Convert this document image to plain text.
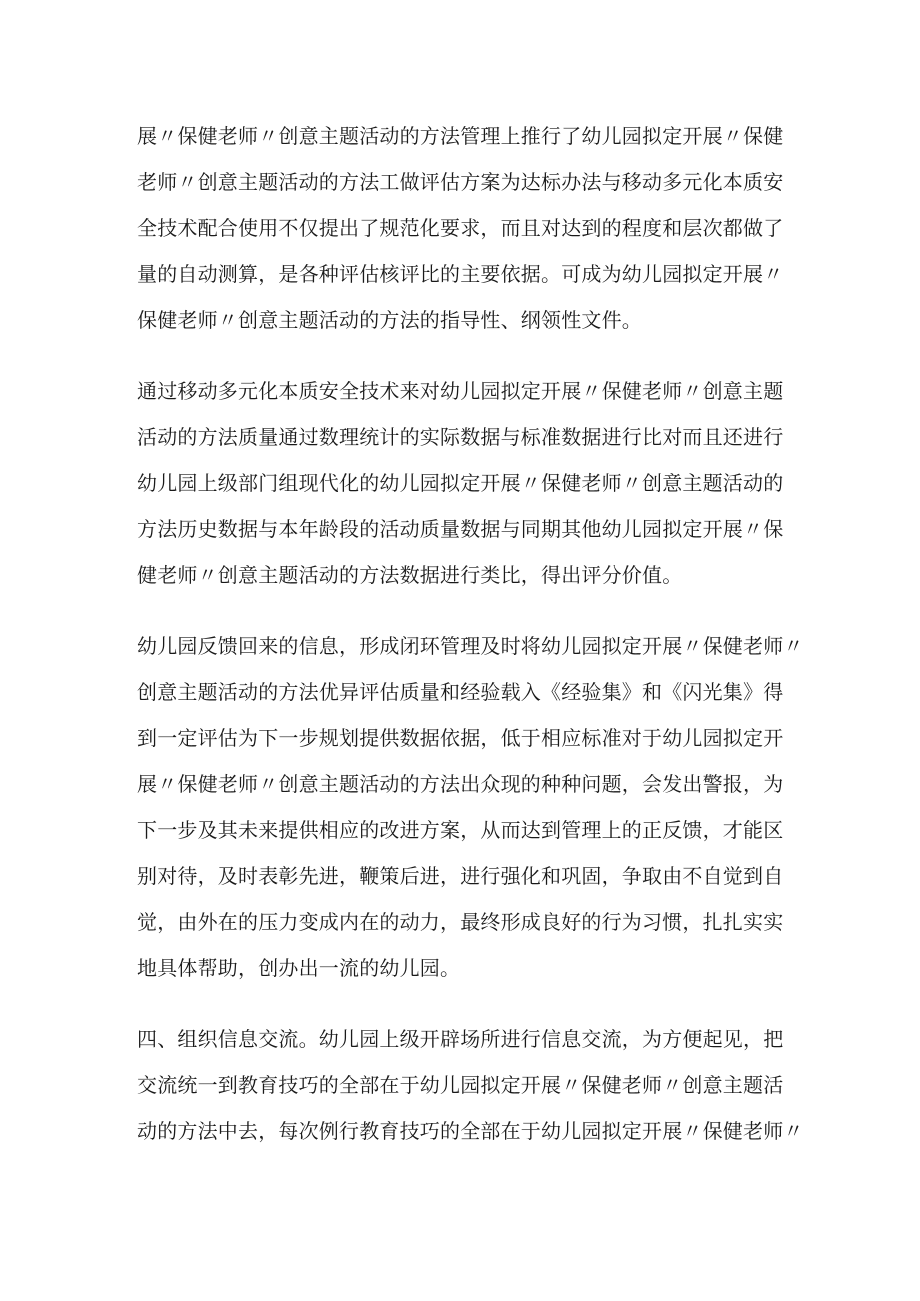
展〃保健老师〃创意主题活动的方法管理上推行了幼儿园拟定开展〃保健
老师〃创意主题活动的方法工做评估方案为达标办法与移动多元化本质安
全技术配合使用不仅提出了规范化要求，而且对达到的程度和层次都做了
量的自动测算，是各种评估核评比的主要依据。可成为幼儿园拟定开展〃
保健老师〃创意主题活动的方法的指导性、纲领性文件。

通过移动多元化本质安全技术来对幼儿园拟定开展〃保健老师〃创意主题
活动的方法质量通过数理统计的实际数据与标准数据进行比对而且还进行
幼儿园上级部门组现代化的幼儿园拟定开展〃保健老师〃创意主题活动的
方法历史数据与本年龄段的活动质量数据与同期其他幼儿园拟定开展〃保
健老师〃创意主题活动的方法数据进行类比，得出评分价值。

幼儿园反馈回来的信息，形成闭环管理及时将幼儿园拟定开展〃保健老师〃
创意主题活动的方法优异评估质量和经验载入《经验集》和《闪光集》得
到一定评估为下一步规划提供数据依据，低于相应标准对于幼儿园拟定开
展〃保健老师〃创意主题活动的方法出众现的种种问题，会发出警报，为
下一步及其未来提供相应的改进方案，从而达到管理上的正反馈，才能区
别对待，及时表彰先进，鞭策后进，进行强化和巩固，争取由不自觉到自
觉，由外在的压力变成内在的动力，最终形成良好的行为习惯，扎扎实实
地具体帮助，创办出一流的幼儿园。

四、组织信息交流。幼儿园上级开辟场所进行信息交流，为方便起见，把
交流统一到教育技巧的全部在于幼儿园拟定开展〃保健老师〃创意主题活
动的方法中去，每次例行教育技巧的全部在于幼儿园拟定开展〃保健老师〃
